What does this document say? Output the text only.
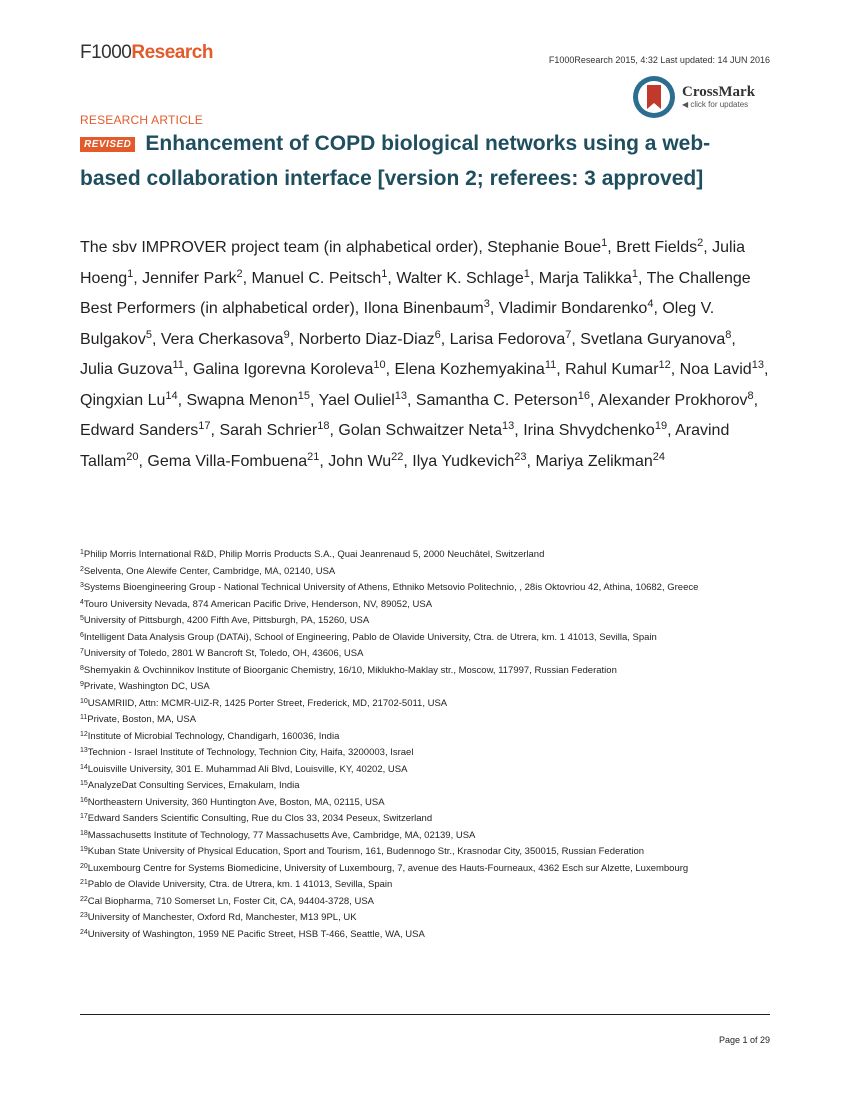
F1000Research	F1000Research 2015, 4:32 Last updated: 14 JUN 2016
CrossMark
◀ click for updates
RESEARCH ARTICLE
REVISED Enhancement of COPD biological networks using a web-based collaboration interface [version 2; referees: 3 approved]
The sbv IMPROVER project team (in alphabetical order), Stephanie Boue$^1$, Brett Fields$^2$, Julia Hoeng$^1$, Jennifer Park$^2$, Manuel C. Peitsch$^1$, Walter K. Schlage$^1$, Marja Talikka$^1$, The Challenge Best Performers (in alphabetical order), Ilona Binenbaum$^3$, Vladimir Bondarenko$^4$, Oleg V. Bulgakov$^5$, Vera Cherkasova$^9$, Norberto Diaz-Diaz$^6$, Larisa Fedorova$^7$, Svetlana Guryanova$^8$, Julia Guzova$^{11}$, Galina Igorevna Koroleva$^{10}$, Elena Kozhemyakina$^{11}$, Rahul Kumar$^{12}$, Noa Lavid$^{13}$, Qingxian Lu$^{14}$, Swapna Menon$^{15}$, Yael Ouliel$^{13}$, Samantha C. Peterson$^{16}$, Alexander Prokhorov$^8$, Edward Sanders$^{17}$, Sarah Schrier$^{18}$, Golan Schwaitzer Neta$^{13}$, Irina Shvydchenko$^{19}$, Aravind Tallam$^{20}$, Gema Villa-Fombuena$^{21}$, John Wu$^{22}$, Ilya Yudkevich$^{23}$, Mariya Zelikman$^{24}$
$^1$Philip Morris International R&D, Philip Morris Products S.A., Quai Jeanrenaud 5, 2000 Neuchâtel, Switzerland
$^2$Selventa, One Alewife Center, Cambridge, MA, 02140, USA
$^3$Systems Bioengineering Group - National Technical University of Athens, Ethniko Metsovio Politechnio, , 28is Oktovriou 42, Athina, 10682, Greece
$^4$Touro University Nevada, 874 American Pacific Drive, Henderson, NV, 89052, USA
$^5$University of Pittsburgh, 4200 Fifth Ave, Pittsburgh, PA, 15260, USA
$^6$Intelligent Data Analysis Group (DATAi), School of Engineering, Pablo de Olavide University, Ctra. de Utrera, km. 1 41013, Sevilla, Spain
$^7$University of Toledo, 2801 W Bancroft St, Toledo, OH, 43606, USA
$^8$Shemyakin & Ovchinnikov Institute of Bioorganic Chemistry, 16/10, Miklukho-Maklay str., Moscow, 117997, Russian Federation
$^9$Private, Washington DC, USA
$^{10}$USAMRIID, Attn: MCMR-UIZ-R, 1425 Porter Street, Frederick, MD, 21702-5011, USA
$^{11}$Private, Boston, MA, USA
$^{12}$Institute of Microbial Technology, Chandigarh, 160036, India
$^{13}$Technion - Israel Institute of Technology, Technion City, Haifa, 3200003, Israel
$^{14}$Louisville University, 301 E. Muhammad Ali Blvd, Louisville, KY, 40202, USA
$^{15}$AnalyzeDat Consulting Services, Ernakulam, India
$^{16}$Northeastern University, 360 Huntington Ave, Boston, MA, 02115, USA
$^{17}$Edward Sanders Scientific Consulting, Rue du Clos 33, 2034 Peseux, Switzerland
$^{18}$Massachusetts Institute of Technology, 77 Massachusetts Ave, Cambridge, MA, 02139, USA
$^{19}$Kuban State University of Physical Education, Sport and Tourism, 161, Budennogo Str., Krasnodar City, 350015, Russian Federation
$^{20}$Luxembourg Centre for Systems Biomedicine, University of Luxembourg, 7, avenue des Hauts-Fourneaux, 4362 Esch sur Alzette, Luxembourg
$^{21}$Pablo de Olavide University, Ctra. de Utrera, km. 1 41013, Sevilla, Spain
$^{22}$Cal Biopharma, 710 Somerset Ln, Foster Cit, CA, 94404-3728, USA
$^{23}$University of Manchester, Oxford Rd, Manchester, M13 9PL, UK
$^{24}$University of Washington, 1959 NE Pacific Street, HSB T-466, Seattle, WA, USA
Page 1 of 29
